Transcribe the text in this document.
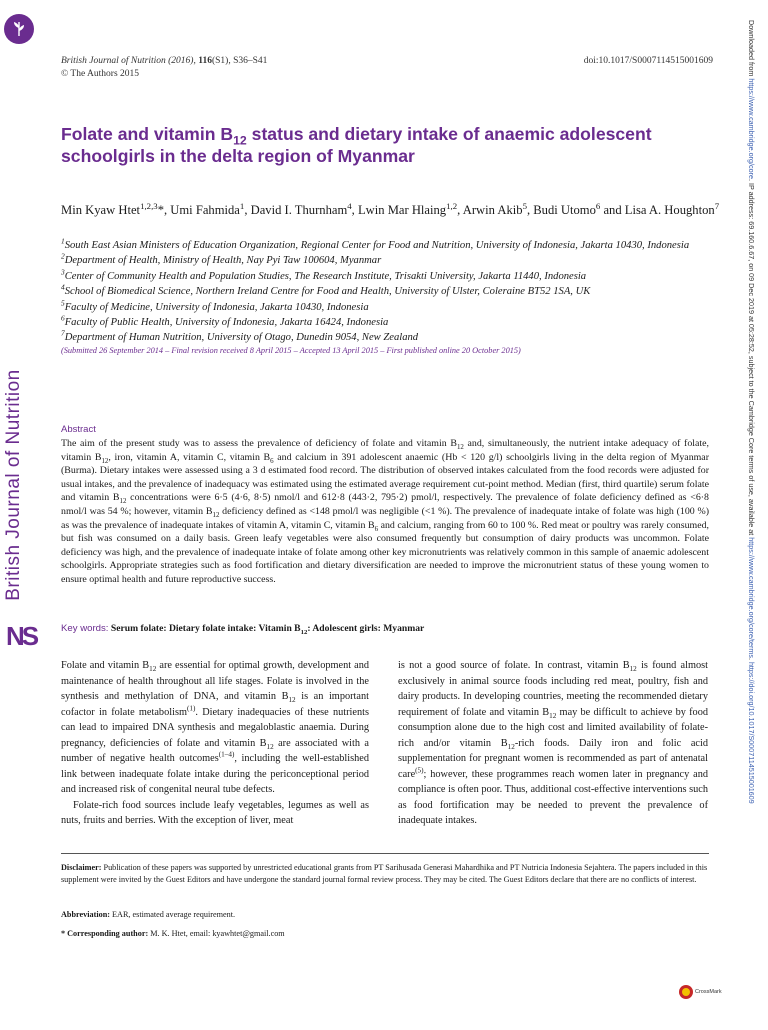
British Journal of Nutrition
NS
Downloaded from https://www.cambridge.org/core. IP address: 69.160.6.67, on 09 Dec 2019 at 05:28:52, subject to the Cambridge Core terms of use, available at https://www.cambridge.org/core/terms. https://doi.org/10.1017/S0007114515001609
British Journal of Nutrition (2016), 116(S1), S36–S41
© The Authors 2015
doi:10.1017/S0007114515001609
Folate and vitamin $B_{12}$ status and dietary intake of anaemic adolescent schoolgirls in the delta region of Myanmar
Min Kyaw Htet$^{1,2,3}$*, Umi Fahmida$^1$, David I. Thurnham$^4$, Lwin Mar Hlaing$^{1,2}$, Arwin Akib$^5$, Budi Utomo$^6$ and Lisa A. Houghton$^7$
$^1$South East Asian Ministers of Education Organization, Regional Center for Food and Nutrition, University of Indonesia, Jakarta 10430, Indonesia
$^2$Department of Health, Ministry of Health, Nay Pyi Taw 100604, Myanmar
$^3$Center of Community Health and Population Studies, The Research Institute, Trisakti University, Jakarta 11440, Indonesia
$^4$School of Biomedical Science, Northern Ireland Centre for Food and Health, University of Ulster, Coleraine BT52 1SA, UK
$^5$Faculty of Medicine, University of Indonesia, Jakarta 10430, Indonesia
$^6$Faculty of Public Health, University of Indonesia, Jakarta 16424, Indonesia
$^7$Department of Human Nutrition, University of Otago, Dunedin 9054, New Zealand
(Submitted 26 September 2014 – Final revision received 8 April 2015 – Accepted 13 April 2015 – First published online 20 October 2015)
Abstract
The aim of the present study was to assess the prevalence of deficiency of folate and vitamin $B_{12}$ and, simultaneously, the nutrient intake adequacy of folate, vitamin $B_{12}$, iron, vitamin A, vitamin C, vitamin $B_6$ and calcium in 391 adolescent anaemic (Hb < 120 g/l) schoolgirls living in the delta region of Myanmar (Burma). Dietary intakes were assessed using a 3 d estimated food record. The distribution of observed intakes calculated from the food records were adjusted for usual intakes, and the prevalence of inadequacy was estimated using the estimated average requirement cut-point method. Median (first, third quartile) serum folate and vitamin $B_{12}$ concentrations were 6·5 (4·6, 8·5) nmol/l and 612·8 (443·2, 795·2) pmol/l, respectively. The prevalence of folate deficiency defined as <6·8 nmol/l was 54 %; however, vitamin $B_{12}$ deficiency defined as <148 pmol/l was negligible (<1 %). The prevalence of inadequate intake of folate was high (100 %) as was the prevalence of inadequate intakes of vitamin A, vitamin C, vitamin $B_6$ and calcium, ranging from 60 to 100 %. Red meat or poultry was rarely consumed, but fish was consumed on a daily basis. Green leafy vegetables were also consumed frequently but consumption of dairy products was uncommon. Folate deficiency was high, and the prevalence of inadequate intake of folate among other key micronutrients was relatively common in this sample of anaemic adolescent schoolgirls. Appropriate strategies such as food fortification and dietary diversification are needed to improve the micronutrient status of these young women to ensure optimal health and future reproductive success.
Key words: Serum folate: Dietary folate intake: Vitamin $B_{12}$: Adolescent girls: Myanmar

Folate and vitamin $B_{12}$ are essential for optimal growth, development and maintenance of health throughout all life stages. Folate is involved in the synthesis and methylation of DNA, and vitamin $B_{12}$ is an important cofactor in folate metabolism$^{(1)}$. Dietary inadequacies of these nutrients can lead to impaired DNA synthesis and megaloblastic anaemia. During pregnancy, deficiencies of folate and vitamin $B_{12}$ are associated with a number of negative health outcomes$^{(1-4)}$, including the well-established link between inadequate folate intake during the periconceptional period and increased risk of congenital neural tube defects.

Folate-rich food sources include leafy vegetables, legumes as well as nuts, fruits and berries. With the exception of liver, meat

is not a good source of folate. In contrast, vitamin $B_{12}$ is found almost exclusively in animal source foods including red meat, poultry, fish and dairy products. In developing countries, meeting the recommended dietary requirement of folate and vitamin $B_{12}$ may be difficult to achieve by food consumption alone due to the high cost and limited availability of folate-rich and/or vitamin $B_{12}$-rich foods. Daily iron and folic acid supplementation for pregnant women is recommended as part of antenatal care$^{(5)}$; however, these programmes reach women later in pregnancy and compliance is often poor. Thus, additional cost-effective interventions such as food fortification may be needed to prevent the prevalence of inadequate intakes.

Disclaimer: Publication of these papers was supported by unrestricted educational grants from PT Sarihusada Generasi Mahardhika and PT Nutricia Indonesia Sejahtera. The papers included in this supplement were invited by the Guest Editors and have undergone the standard journal formal review process. They may be cited. The Guest Editors declare that there are no conflicts of interest.
Abbreviation: EAR, estimated average requirement.
* Corresponding author: M. K. Htet, email: kyawhtet@gmail.com
CrossMark
